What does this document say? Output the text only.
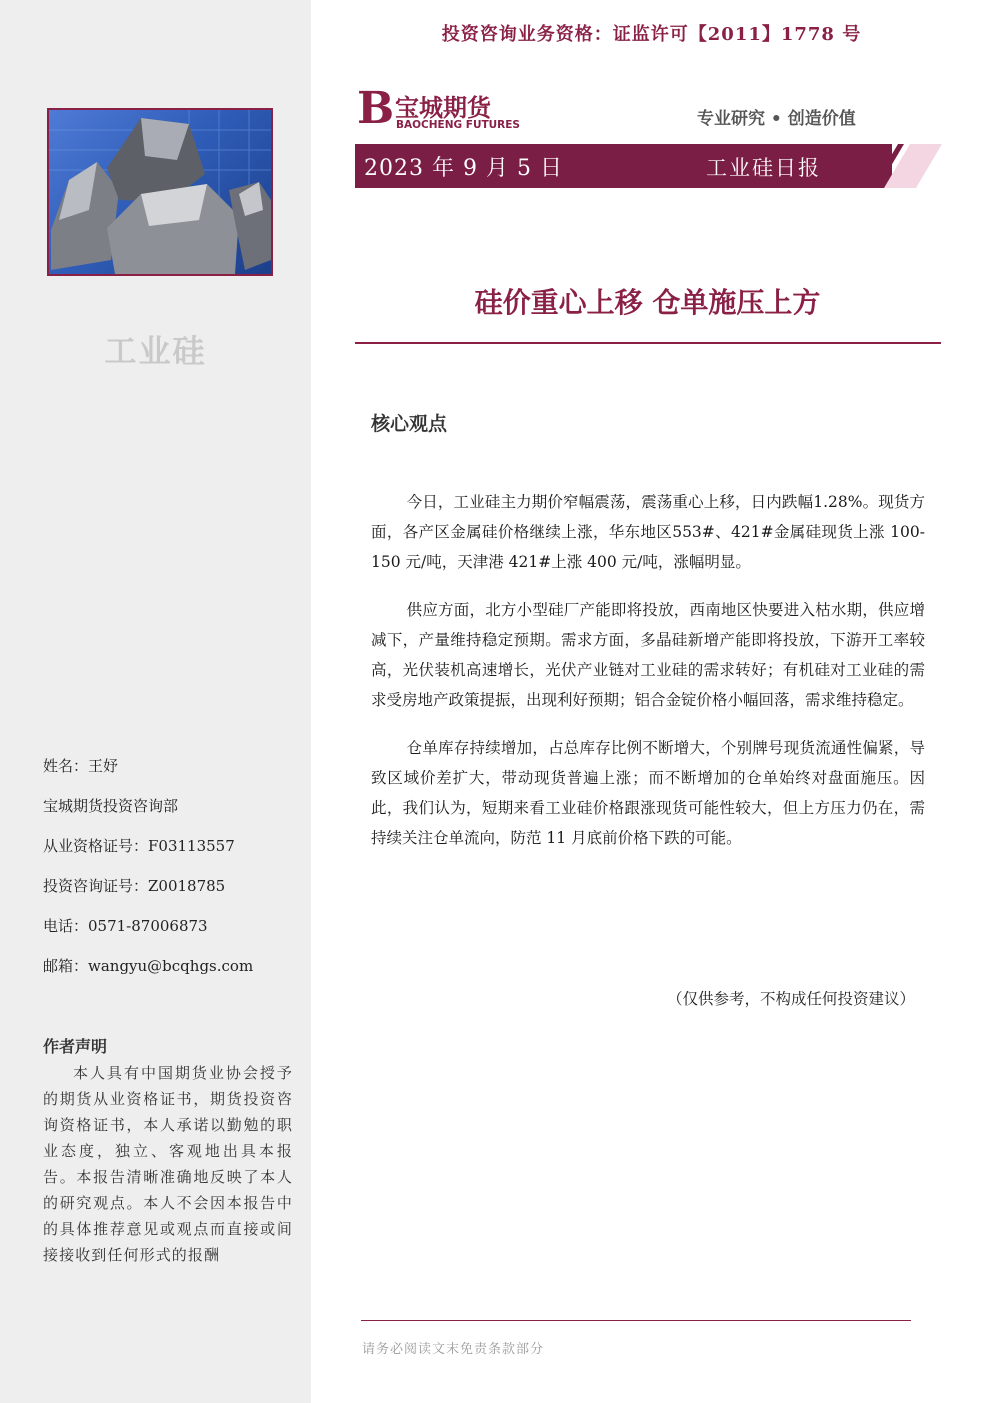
工业硅
姓名：王妤
宝城期货投资咨询部
从业资格证号：F03113557
投资咨询证号：Z0018785
电话：0571-87006873
邮箱：wangyu@bcqhgs.com
作者声明
本人具有中国期货业协会授予的期货从业资格证书，期货投资咨询资格证书，本人承诺以勤勉的职业态度，独立、客观地出具本报告。本报告清晰准确地反映了本人的研究观点。本人不会因本报告中的具体推荐意见或观点而直接或间接接收到任何形式的报酬
投资咨询业务资格：证监许可【2011】1778 号
B 宝城期货
BAOCHENG FUTURES	专业研究 • 创造价值
2023 年 9 月 5 日	工业硅日报
硅价重心上移 仓单施压上方
核心观点

今日，工业硅主力期价窄幅震荡，震荡重心上移，日内跌幅1.28%。现货方面，各产区金属硅价格继续上涨，华东地区553#、421#金属硅现货上涨 100-150 元/吨，天津港 421#上涨 400 元/吨，涨幅明显。

供应方面，北方小型硅厂产能即将投放，西南地区快要进入枯水期，供应增减下，产量维持稳定预期。需求方面，多晶硅新增产能即将投放，下游开工率较高，光伏装机高速增长，光伏产业链对工业硅的需求转好；有机硅对工业硅的需求受房地产政策提振，出现利好预期；铝合金锭价格小幅回落，需求维持稳定。

仓单库存持续增加，占总库存比例不断增大，个别牌号现货流通性偏紧，导致区域价差扩大，带动现货普遍上涨；而不断增加的仓单始终对盘面施压。因此，我们认为，短期来看工业硅价格跟涨现货可能性较大，但上方压力仍在，需持续关注仓单流向，防范 11 月底前价格下跌的可能。

（仅供参考，不构成任何投资建议）
请务必阅读文末免责条款部分
